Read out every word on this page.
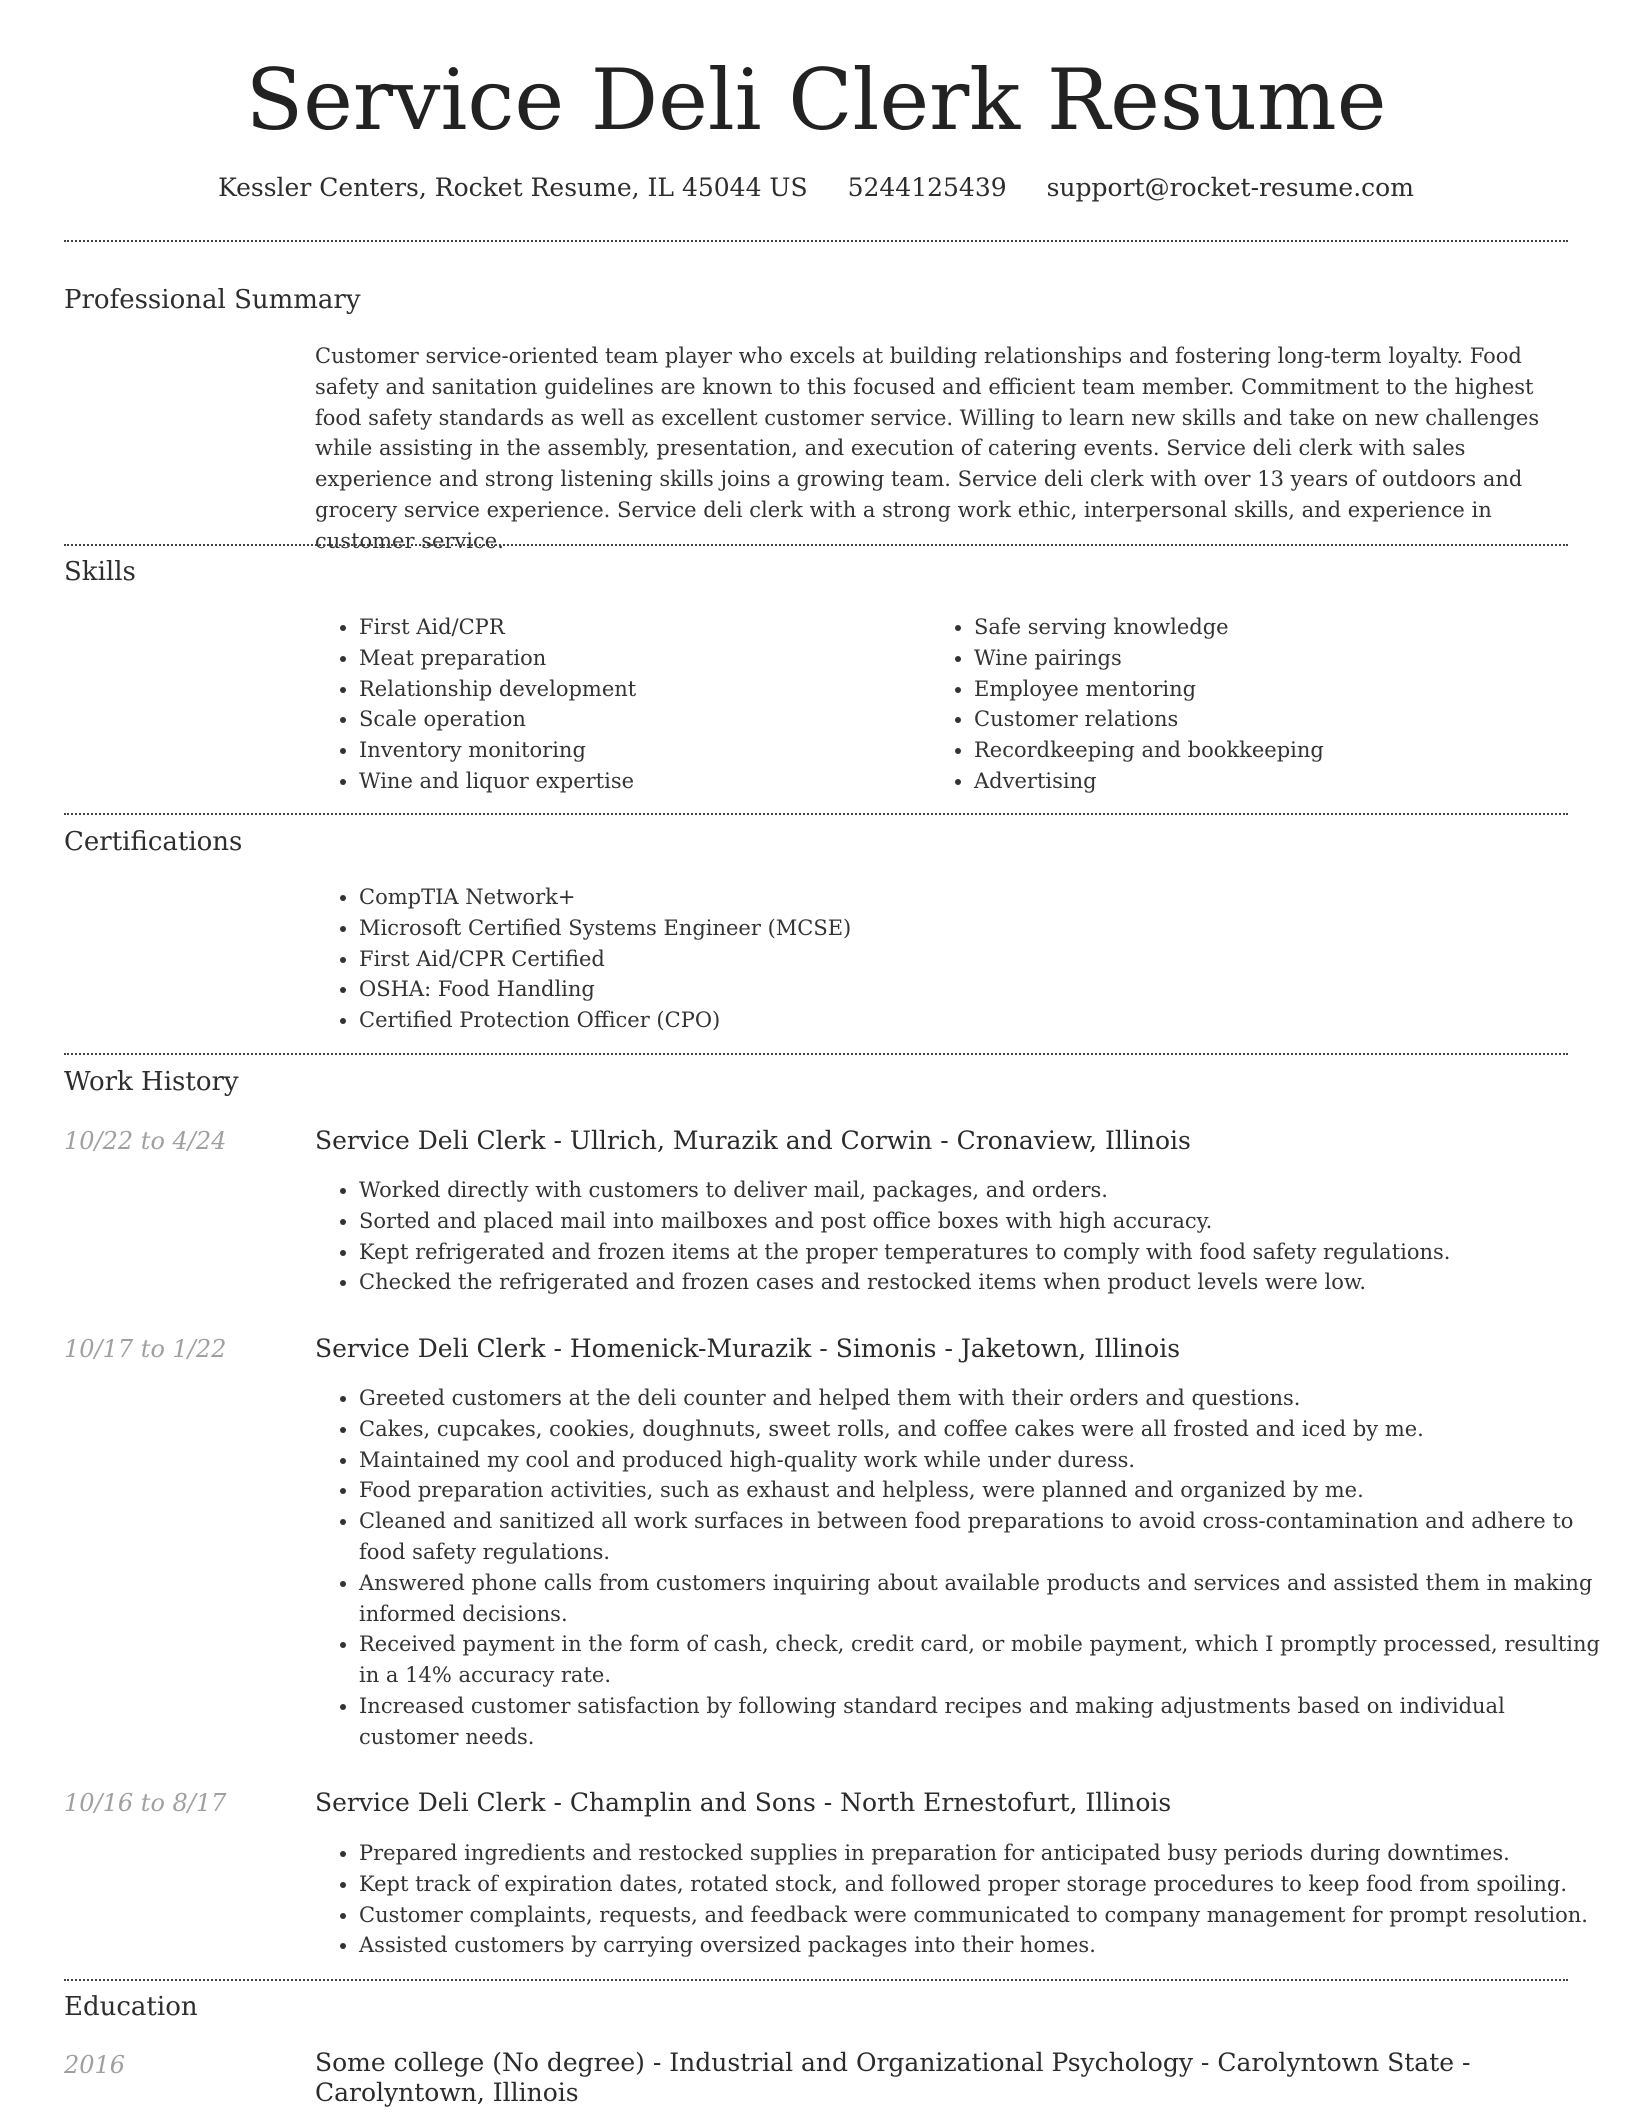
Service Deli Clerk Resume
Kessler Centers, Rocket Resume, IL 45044 US 5244125439 support@rocket-resume.com
Professional Summary

Customer service-oriented team player who excels at building relationships and fostering long-term loyalty. Food safety and sanitation guidelines are known to this focused and efficient team member. Commitment to the highest food safety standards as well as excellent customer service. Willing to learn new skills and take on new challenges while assisting in the assembly, presentation, and execution of catering events. Service deli clerk with sales experience and strong listening skills joins a growing team. Service deli clerk with over 13 years of outdoors and grocery service experience. Service deli clerk with a strong work ethic, interpersonal skills, and experience in customer service.

Skills
• First Aid/CPR
• Meat preparation
• Relationship development
• Scale operation
• Inventory monitoring
• Wine and liquor expertise
• Safe serving knowledge
• Wine pairings
• Employee mentoring
• Customer relations
• Recordkeeping and bookkeeping
• Advertising
Certifications
• CompTIA Network+
• Microsoft Certified Systems Engineer (MCSE)
• First Aid/CPR Certified
• OSHA: Food Handling
• Certified Protection Officer (CPO)
Work History
10/22 to 4/24	Service Deli Clerk - Ullrich, Murazik and Corwin - Cronaview, Illinois
• Worked directly with customers to deliver mail, packages, and orders.
• Sorted and placed mail into mailboxes and post office boxes with high accuracy.
• Kept refrigerated and frozen items at the proper temperatures to comply with food safety regulations.
• Checked the refrigerated and frozen cases and restocked items when product levels were low.
10/17 to 1/22	Service Deli Clerk - Homenick-Murazik - Simonis - Jaketown, Illinois
• Greeted customers at the deli counter and helped them with their orders and questions.
• Cakes, cupcakes, cookies, doughnuts, sweet rolls, and coffee cakes were all frosted and iced by me.
• Maintained my cool and produced high-quality work while under duress.
• Food preparation activities, such as exhaust and helpless, were planned and organized by me.
• Cleaned and sanitized all work surfaces in between food preparations to avoid cross-contamination and adhere to food safety regulations.
• Answered phone calls from customers inquiring about available products and services and assisted them in making informed decisions.
• Received payment in the form of cash, check, credit card, or mobile payment, which I promptly processed, resulting in a 14% accuracy rate.
• Increased customer satisfaction by following standard recipes and making adjustments based on individual customer needs.
10/16 to 8/17	Service Deli Clerk - Champlin and Sons - North Ernestofurt, Illinois
• Prepared ingredients and restocked supplies in preparation for anticipated busy periods during downtimes.
• Kept track of expiration dates, rotated stock, and followed proper storage procedures to keep food from spoiling.
• Customer complaints, requests, and feedback were communicated to company management for prompt resolution.
• Assisted customers by carrying oversized packages into their homes.
Education
2016	Some college (No degree) - Industrial and Organizational Psychology - Carolyntown State - Carolyntown, Illinois
